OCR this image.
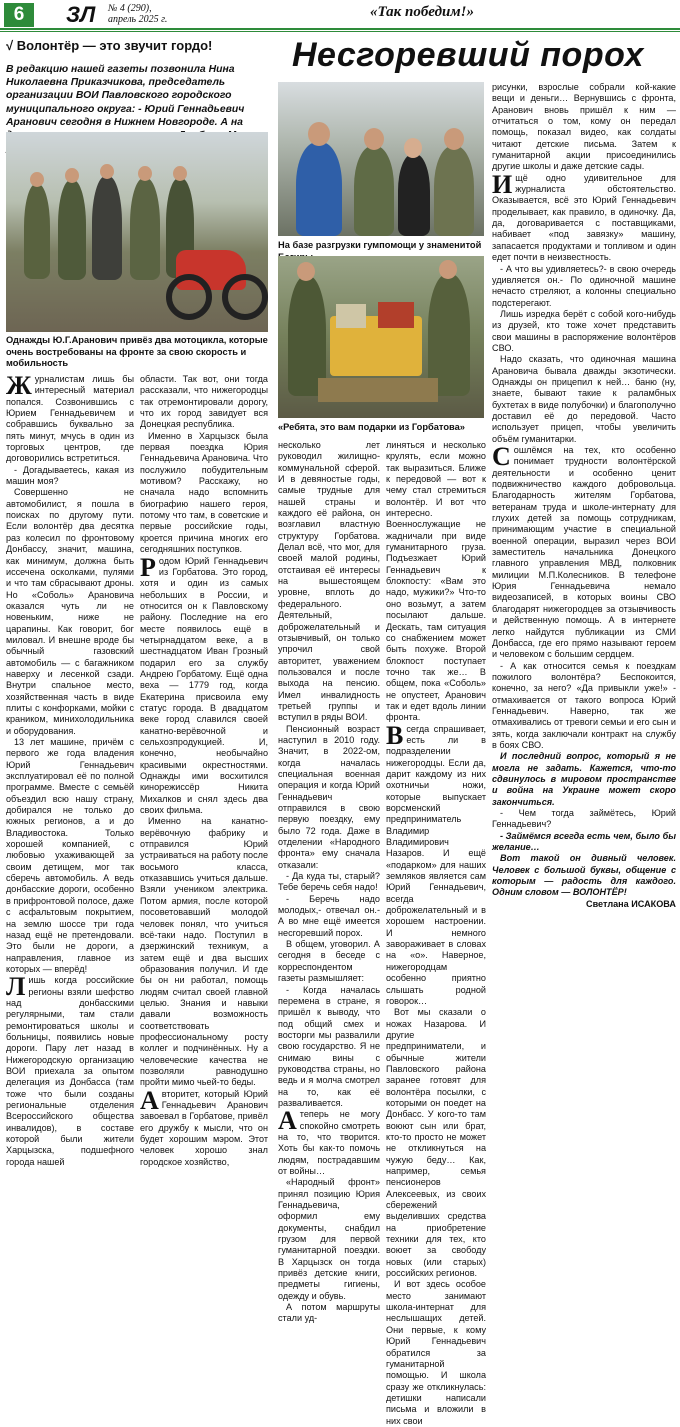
6	ЗЛ № 4 (290),
апрель 2025 г.	«Так победим!»
√ Волонтёр — это звучит гордо! Несгоревший порох
В редакцию нашей газеты позвонила Нина Николаевна Приказчикова, председатель организации ВОИ Павловского городского муниципального округа: - Юрий Геннадьевич Аранович сегодня в Нижнем Новгороде. А на
Однажды Ю.Г.Аранович привёз два мотоцикла, которые очень востребованы на фронте за свою скорость и мобильность
На базе разгрузки гумпомощи у знаменитой
«Ребята, это вам подарки из Горбатова»
Ж урналистам лишь бы интересный материал попался. Созвонившись с Юрием Геннадьевичем и собравшись буквально за пять минут, мчусь в один из торговых центров, где договорились встретиться.

- Догадываетесь, какая из машин моя?

Совершенно не автомобилист, я пошла в поисках по другому пути. Если волонтёр два десятка раз колесил по фронтовому Донбассу, значит, машина, как минимум, должна быть иссечена осколками, пулями и что там сбрасывают дроны. Но «Соболь» Арановича оказался чуть ли не новеньким, ниже не царапины. Как говорит, бог миловал. И внешне вроде бы обычный газовский автомобиль — с багажником наверху и лесенкой сзади. Внутри спальное место, хозяйственная часть в виде плиты с конфорками, мойки с краником, минихолодильника и оборудования.

13 лет машине, причём с первого же года владения Юрий Геннадьевич эксплуатировал её по полной программе. Вместе с семьёй объездил всю нашу страну, добирался не только до южных регионов, а и до Владивостока. Только хорошей компанией, с любовью ухаживающей за своим детищем, мог так сберечь автомобиль. А ведь донбасские дороги, особенно в прифронтовой полосе, даже с асфальтовым покрытием, на землю шоссе три года назад ещё не претендовали. Это были не дороги, а направления, главное из которых — вперёд!

Лишь когда российские регионы взяли шефство над донбасскими регулярными, там стали ремонтироваться школы и больницы, появились новые дороги. Пару лет назад в Нижегородскую организацию ВОИ приехала за опытом делегация из Донбасса (там тоже что были созданы региональные отделения Всероссийского общества инвалидов), в составе которой были жители Харцызска, подшефного города нашей

области. Так вот, они тогда рассказали, что нижегородцы так отремонтировали дорогу, что их город завидует вся Донецкая республика.

Именно в Харцызск была первая поездка Юрия Геннадьевича Арановича. Что послужило побудительным мотивом? Расскажу, но сначала надо вспомнить биографию нашего героя, потому что там, в советские и первые российские годы, кроется причина многих его сегодняшних поступков.

Родом Юрий Геннадьевич из Горбатова. Это город, хотя и один из самых небольших в России, и относится он к Павловскому району. Последние на его месте появилось ещё в четырнадцатом веке, а в шестнадцатом Иван Грозный подарил его за службу Андрею Горбатому. Ещё одна веха — 1779 год, когда Екатерина присвоила ему статус города. В двадцатом веке город славился своей канатно-верёвочной и сельхозпродукцией. И, конечно, необычайно красивыми окрестностями. Однажды ими восхитился кинорежиссёр Никита Михалков и снял здесь два своих фильма.

Именно на канатно-верёвочную фабрику и отправился Юрий устраиваться на работу после восьмого класса, отказавшись учиться дальше. Взяли учеником электрика. Потом армия, после которой посоветовавший молодой человек понял, что учиться всё-таки надо. Поступил в дзержинский техникум, а затем ещё и два высших образования получил. И где бы он ни работал, помощь людям считал своей главной целью. Знания и навыки давали возможность соответствовать профессиональному росту коллег и подчинённых. Ну а человеческие качества не позволяли равнодушно пройти мимо чьей-то беды.

Авторитет, который Юрий Геннадьевич Аранович завоевал в Горбатове, привёл его дружбу к мысли, что он будет хорошим мэром. Этот человек хорошо знал городское хозяйство,

несколько лет руководил жилищно-коммунальной сферой. И в девяностые годы, самые трудные для нашей страны и каждого её района, он возглавил властную структуру Горбатова. Делал всё, что мог, для своей малой родины, отстаивая её интересы на вышестоящем уровне, вплоть до федерального. Деятельный, доброжелательный и отзывчивый, он только упрочил свой авторитет, уважением пользовался и после выхода на пенсию. Имел инвалидность третьей группы и вступил в ряды ВОИ.

Пенсионный возраст наступил в 2010 году. Значит, в 2022-ом, когда началась специальная военная операция и когда Юрий Геннадьевич отправился в свою первую поездку, ему было 72 года. Даже в отделении «Народного фронта» ему сначала отказали:

- Да куда ты, старый? Тебе беречь себя надо!

- Беречь надо молодых,- отвечал он.- А во мне ещё имеется несгоревший порох.

В общем, уговорил. А сегодня в беседе с корреспондентом газеты размышляет:

- Когда началась перемена в стране, я пришёл к выводу, что под общий смех и восторги мы развалили свою государство. Я не снимаю вины с руководства страны, но ведь и я молча смотрел на то, как её разваливается.

Атеперь не могу спокойно смотреть на то, что творится. Хоть бы как-то помочь людям, пострадавшим от войны…

«Народный фронт» принял позицию Юрия Геннадьевича, оформил ему документы, снабдил грузом для первой гуманитарной поездки. В Харцызск он тогда привёз детские книги, предметы гигиены, одежду и обувь.

А потом маршруты стали уд-

линяться и несколько крулять, если можно так выразиться. Ближе к передовой — вот к чему стал стремиться волонтёр. И вот что интересно. Военнослужащие не жадничали при виде гуманитарного груза. Подъезжает Юрий Геннадьевич к блокпосту: «Вам это надо, мужики?» Что-то оно возьмут, а затем посылают дальше. Дескать, там ситуация со снабжением может быть похуже. Второй блокпост поступает точно так же… В общем, пока «Соболь» не опустеет, Аранович так и едет вдоль линии фронта.

Всегда спрашивает, есть ли в подразделении нижегородцы. Если да, дарит каждому из них охотничьи ножи, которые выпускает ворсменский предприниматель Владимир Владимирович Назаров. И ещё «подарком» для наших земляков является сам Юрий Геннадьевич, всегда доброжелательный и в хорошем настроении. И немного завораживает в словах на «о». Наверное, нижегородцам особенно приятно слышать родной говорок…

Вот мы сказали о ножах Назарова. И другие предприниматели, и обычные жители Павловского района заранее готовят для волонтёра посылки, с которыми он поедет на Донбасс. У кого-то там воюют сын или брат, кто-то просто не может не откликнуться на чужую беду… Как, например, семья пенсионеров Алексеевых, из своих сбережений выделивших средства на приобретение техники для тех, кто воюет за свободу новых (или старых) российских регионов.

И вот здесь особое место занимают школа-интернат для неслышащих детей. Они первые, к кому Юрий Геннадьевич обратился за гуманитарной помощью. И школа сразу же откликнулась: детишки написали письма и вложили в них свои

рисунки, взрослые собрали кой-какие вещи и деньги… Вернувшись с фронта, Аранович вновь пришёл к ним — отчитаться о том, кому он передал помощь, показал видео, как солдаты читают детские письма. Затем к гуманитарной акции присоединились другие школы и даже детские сады.

Ищё одно удивительное для журналиста обстоятельство. Оказывается, всё это Юрий Геннадьевич проделывает, как правило, в одиночку. Да, да, договаривается с поставщиками, набивает «под завязку» машину, запасается продуктами и топливом и один едет почти в неизвестность.

- А что вы удивляетесь?- в свою очередь удивляется он.- По одиночной машине нечасто стреляют, а колонны специально подстерегают.

Лишь изредка берёт с собой кого-нибудь из друзей, кто тоже хочет представить свои машины в распоряжение волонтёров СВО.

Надо сказать, что одиночная машина Арановича бывала дважды экзотически. Однажды он прицепил к ней… баню (ну, знаете, бывают такие к раламбных бухтетах в виде полубочки) и благополучно доставил её до передовой. Часто использует прицеп, чтобы увеличить объём гуманитарки.

Сошлёмся на тех, кто особенно понимает трудности волонтёрской деятельности и особенно ценит подвижничество каждого добровольца. Благодарность жителям Горбатова, ветеранам труда и школе-интернату для глухих детей за помощь сотрудникам, принимающим участие в специальной военной операции, выразил через ВОИ заместитель начальника Донецкого главного управления МВД, полковник милиции М.П.Колесников. В телефоне Юрия Геннадьевича немало видеозаписей, в которых воины СВО благодарят нижегородцев за отзывчивость и действенную помощь. А в интернете легко найдутся публикации из СМИ Донбасса, где его прямо называют героем и человеком с большим сердцем.

- А как относится семья к поездкам пожилого волонтёра? Беспокоится, конечно, за него? «Да привыкли уже!» - отмахивается от такого вопроса Юрий Геннадьевич. Наверно, так же отмахивались от тревоги семьи и его сын и зять, когда заключали контракт на службу в боях СВО.

И последний вопрос, который я не могла не задать. Кажется, что-то сдвинулось в мировом пространстве и война на Украине может скоро закончиться.

- Чем тогда займётесь, Юрий Геннадьевич?

- Займёмся всегда есть чем, было бы желание…

Вот такой он дивный человек. Человек с большой буквы, общение с которым — радость для каждого. Одним словом — ВОЛОНТЁР!

Светлана ИСАКОВА
